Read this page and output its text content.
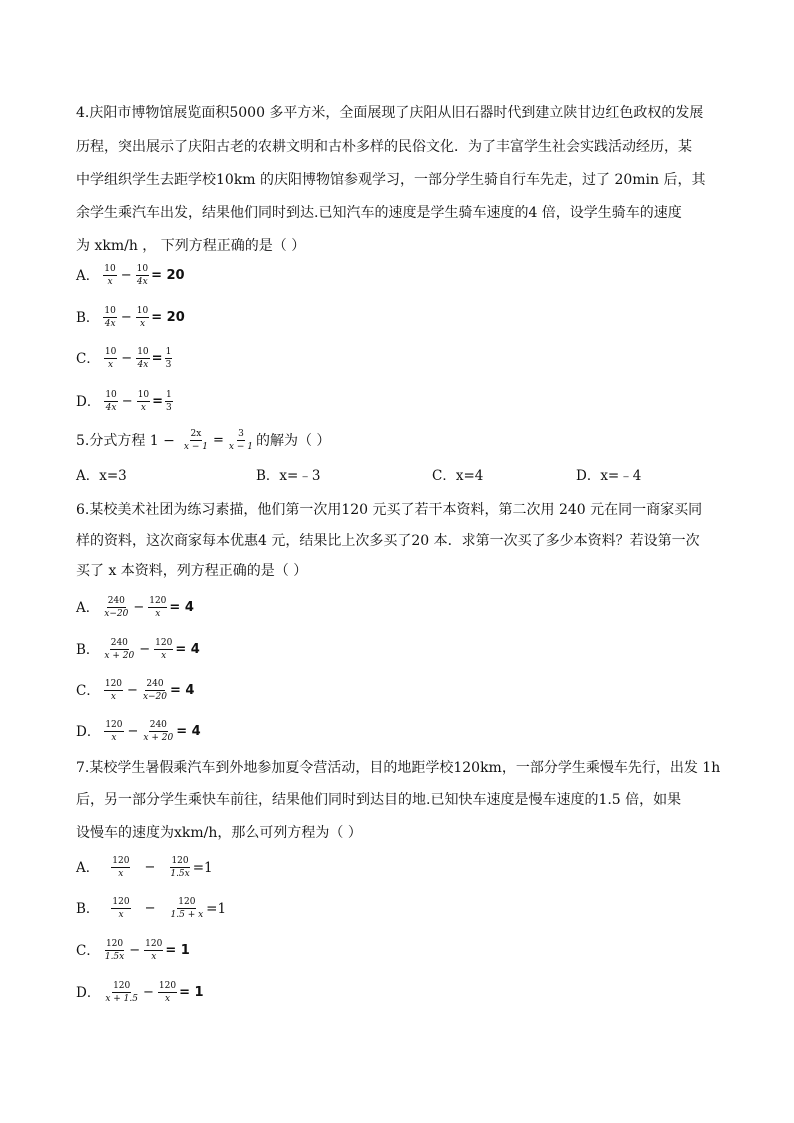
4.庆阳市博物馆展览面积5000 多平方米，全面展现了庆阳从旧石器时代到建立陕甘边红色政权的发展
历程，突出展示了庆阳古老的农耕文明和古朴多样的民俗文化．为了丰富学生社会实践活动经历，某
中学组织学生去距学校10km 的庆阳博物馆参观学习，一部分学生骑自行车先走，过了 20min 后，其
余学生乘汽车出发，结果他们同时到达.已知汽车的速度是学生骑车速度的4 倍，设学生骑车的速度
为 xkm/h ， 下列方程正确的是（ ）
A． $\frac{10}{x} - \frac{10}{4x} = 20$
B． $\frac{10}{4x} - \frac{10}{x} = 20$
C． $\frac{10}{x} - \frac{10}{4x} = \frac{1}{3}$
D． $\frac{10}{4x} - \frac{10}{x} = \frac{1}{3}$
5.分式方程 $1 - \frac{2x}{x - 1} = \frac{3}{x - 1}$ 的解为（ ）
A．x=3	B．x=﹣3	C．x=4	D．x=﹣4
6.某校美术社团为练习素描，他们第一次用120 元买了若干本资料，第二次用 240 元在同一商家买同
样的资料，这次商家每本优惠4 元，结果比上次多买了20 本．求第一次买了多少本资料？若设第一次
买了 x 本资料，列方程正确的是（ ）
A． $\frac{240}{x-20} - \frac{120}{x} = 4$
B． $\frac{240}{x + 20} - \frac{120}{x} = 4$
C． $\frac{120}{x} - \frac{240}{x-20} = 4$
D． $\frac{120}{x} - \frac{240}{x + 20} = 4$
7.某校学生暑假乘汽车到外地参加夏令营活动，目的地距学校120km，一部分学生乘慢车先行，出发 1h
后，另一部分学生乘快车前往，结果他们同时到达目的地.已知快车速度是慢车速度的1.5 倍，如果
设慢车的速度为xkm/h，那么可列方程为（ ）
A． $\frac{120}{x} - \frac{120}{1.5x} =1$
B． $\frac{120}{x} - \frac{120}{1.5 + x} =1$
C． $\frac{120}{1.5x} - \frac{120}{x} = 1$
D． $\frac{120}{x + 1.5} - \frac{120}{x} = 1$
